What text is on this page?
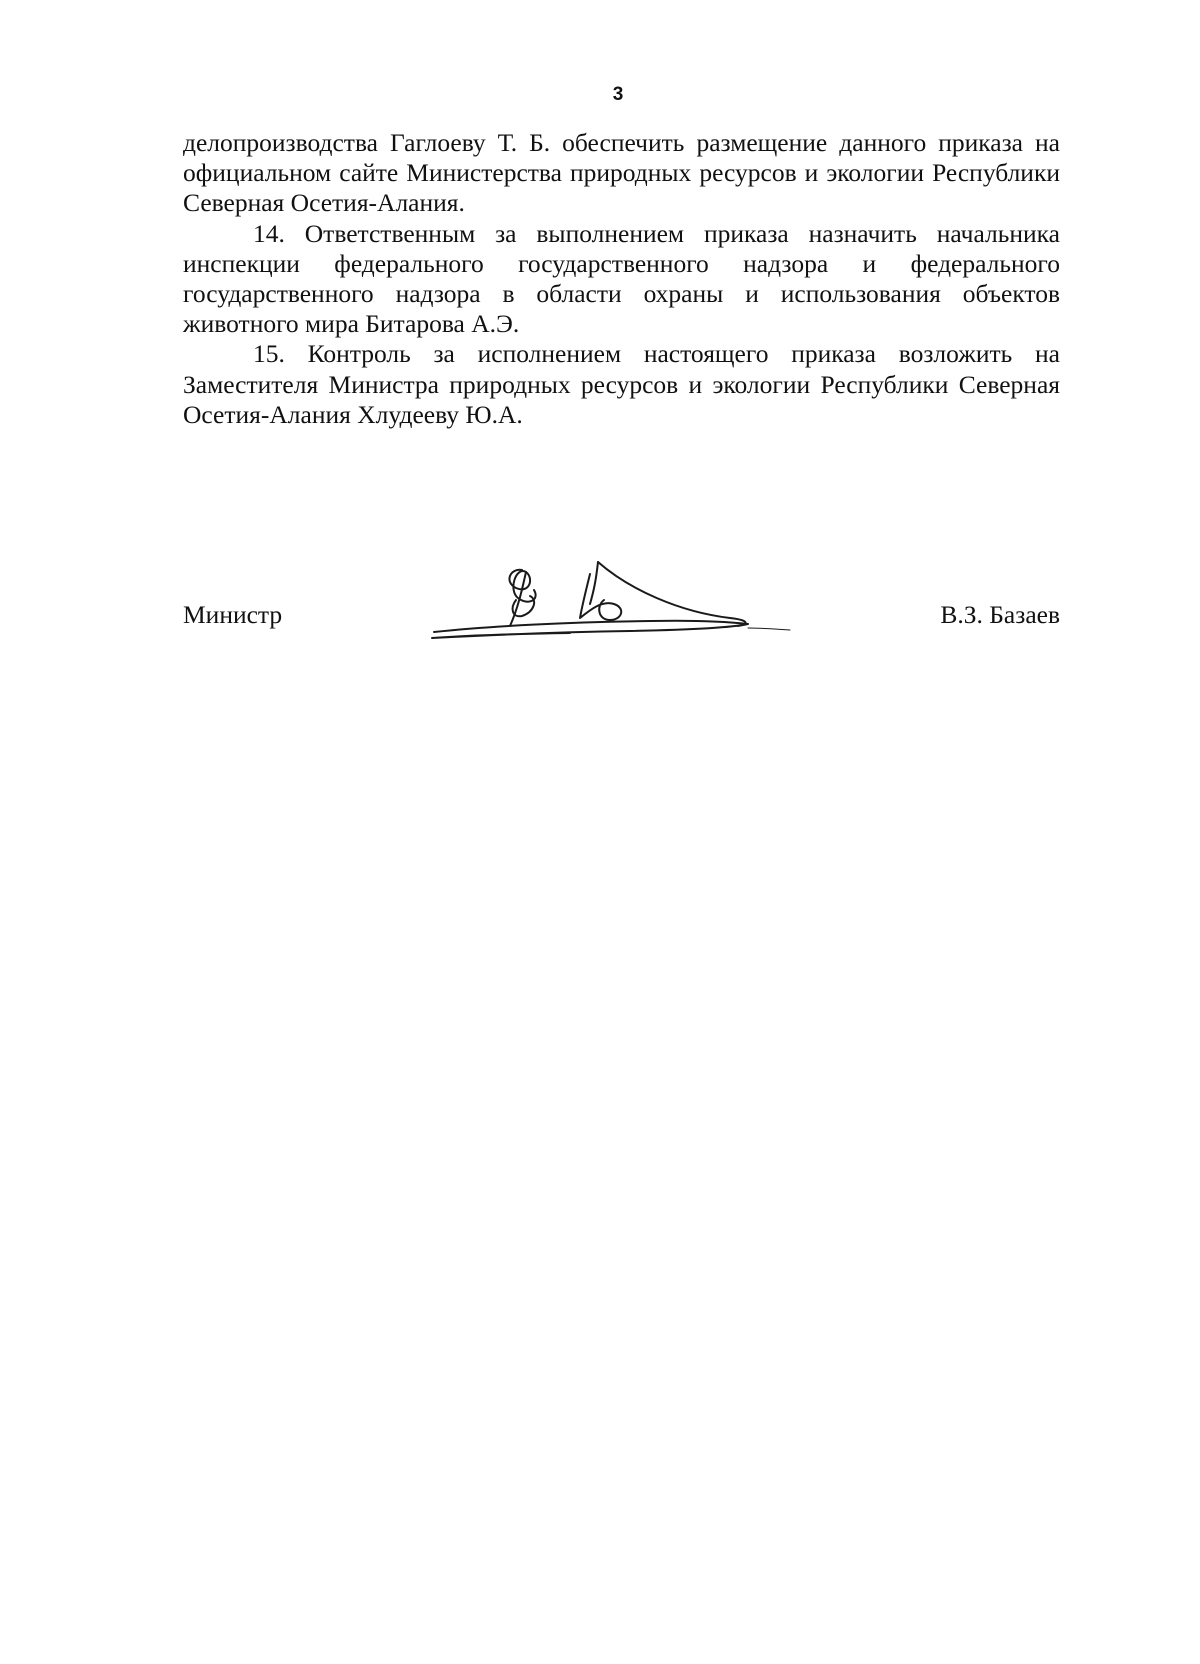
3

делопроизводства Гаглоеву Т. Б. обеспечить размещение данного приказа на официальном сайте Министерства природных ресурсов и экологии Республики Северная Осетия-Алания.

14. Ответственным за выполнением приказа назначить начальника инспекции федерального государственного надзора и федерального государственного надзора в области охраны и использования объектов животного мира Битарова А.Э.

15. Контроль за исполнением настоящего приказа возложить на Заместителя Министра природных ресурсов и экологии Республики Северная Осетия-Алания Хлудееву Ю.А.

Министр	В.З. Базаев
